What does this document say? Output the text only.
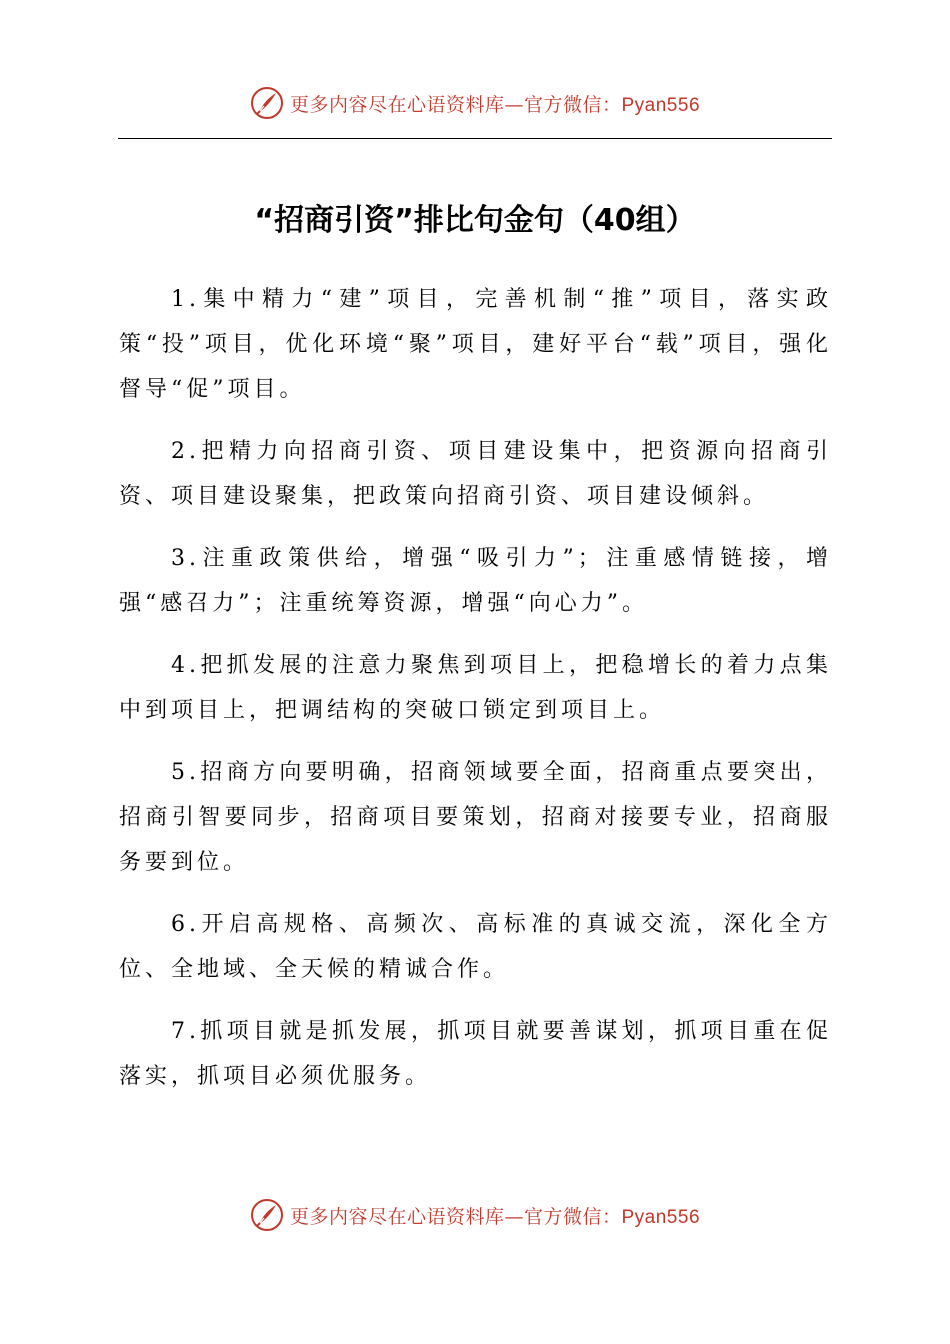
更多内容尽在心语资料库—官方微信：Pyan556
“招商引资”排比句金句（40组）

1.集中精力“建”项目，完善机制“推”项目，落实政策“投”项目，优化环境“聚”项目，建好平台“载”项目，强化督导“促”项目。

2.把精力向招商引资、项目建设集中，把资源向招商引资、项目建设聚集，把政策向招商引资、项目建设倾斜。

3.注重政策供给，增强“吸引力”；注重感情链接，增强“感召力”；注重统筹资源，增强“向心力”。

4.把抓发展的注意力聚焦到项目上，把稳增长的着力点集中到项目上，把调结构的突破口锁定到项目上。

5.招商方向要明确，招商领域要全面，招商重点要突出，招商引智要同步，招商项目要策划，招商对接要专业，招商服务要到位。

6.开启高规格、高频次、高标准的真诚交流，深化全方位、全地域、全天候的精诚合作。

7.抓项目就是抓发展，抓项目就要善谋划，抓项目重在促落实，抓项目必须优服务。

更多内容尽在心语资料库—官方微信：Pyan556
